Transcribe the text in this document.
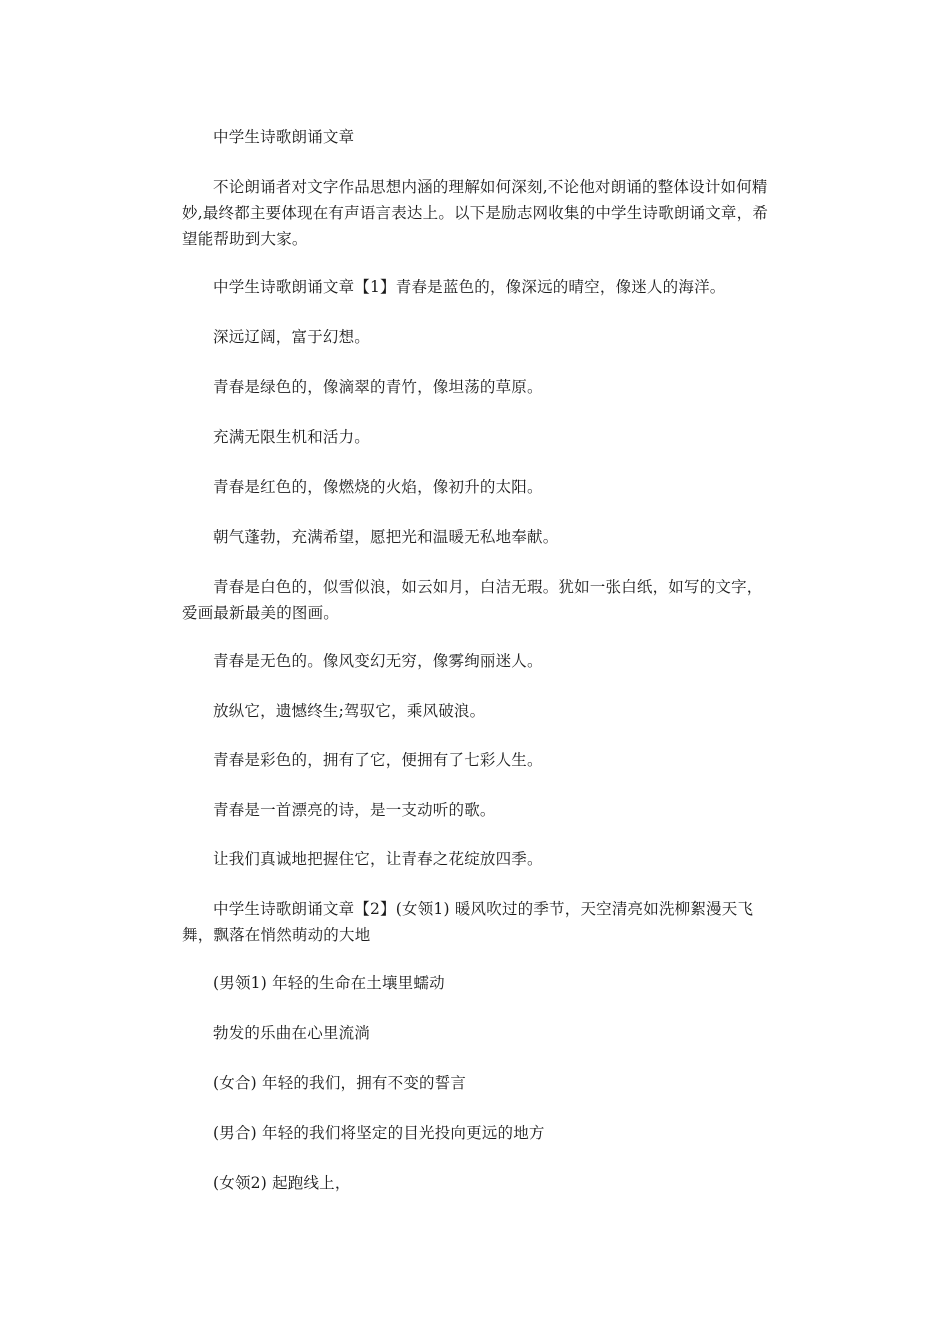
中学生诗歌朗诵文章

不论朗诵者对文字作品思想内涵的理解如何深刻,不论他对朗诵的整体设计如何精妙,最终都主要体现在有声语言表达上。以下是励志网收集的中学生诗歌朗诵文章，希望能帮助到大家。

中学生诗歌朗诵文章【1】青春是蓝色的，像深远的晴空，像迷人的海洋。

深远辽阔，富于幻想。

青春是绿色的，像滴翠的青竹，像坦荡的草原。

充满无限生机和活力。

青春是红色的，像燃烧的火焰，像初升的太阳。

朝气蓬勃，充满希望，愿把光和温暖无私地奉献。

青春是白色的，似雪似浪，如云如月，白洁无瑕。犹如一张白纸，如写的文字，爱画最新最美的图画。

青春是无色的。像风变幻无穷，像雾绚丽迷人。

放纵它，遗憾终生;驾驭它，乘风破浪。

青春是彩色的，拥有了它，便拥有了七彩人生。

青春是一首漂亮的诗，是一支动听的歌。

让我们真诚地把握住它，让青春之花绽放四季。

中学生诗歌朗诵文章【2】(女领1) 暖风吹过的季节，天空清亮如洗柳絮漫天飞舞，飘落在悄然萌动的大地

(男领1) 年轻的生命在土壤里蠕动

勃发的乐曲在心里流淌

(女合) 年轻的我们，拥有不变的誓言

(男合) 年轻的我们将坚定的目光投向更远的地方

(女领2) 起跑线上，
